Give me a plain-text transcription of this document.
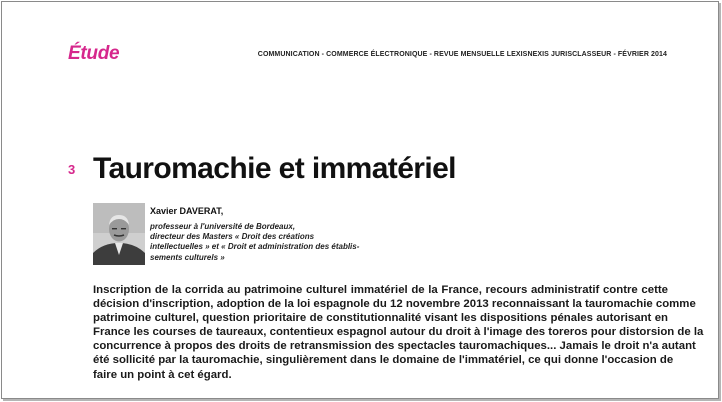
Étude	COMMUNICATION - COMMERCE ÉLECTRONIQUE - REVUE MENSUELLE LEXISNEXIS JURISCLASSEUR - FÉVRIER 2014
3 Tauromachie et immatériel
Xavier DAVERAT,
professeur à l'université de Bordeaux,
directeur des Masters « Droit des créations
intellectuelles » et « Droit et administration des établis-
sements culturels »
Inscription de la corrida au patrimoine culturel immatériel de la France, recours administratif contre cette
décision d'inscription, adoption de la loi espagnole du 12 novembre 2013 reconnaissant la tauromachie comme
patrimoine culturel, question prioritaire de constitutionnalité visant les dispositions pénales autorisant en
France les courses de taureaux, contentieux espagnol autour du droit à l'image des toreros pour distorsion de la
concurrence à propos des droits de retransmission des spectacles tauromachiques... Jamais le droit n'a autant
été sollicité par la tauromachie, singulièrement dans le domaine de l'immatériel, ce qui donne l'occasion de
faire un point à cet égard.
